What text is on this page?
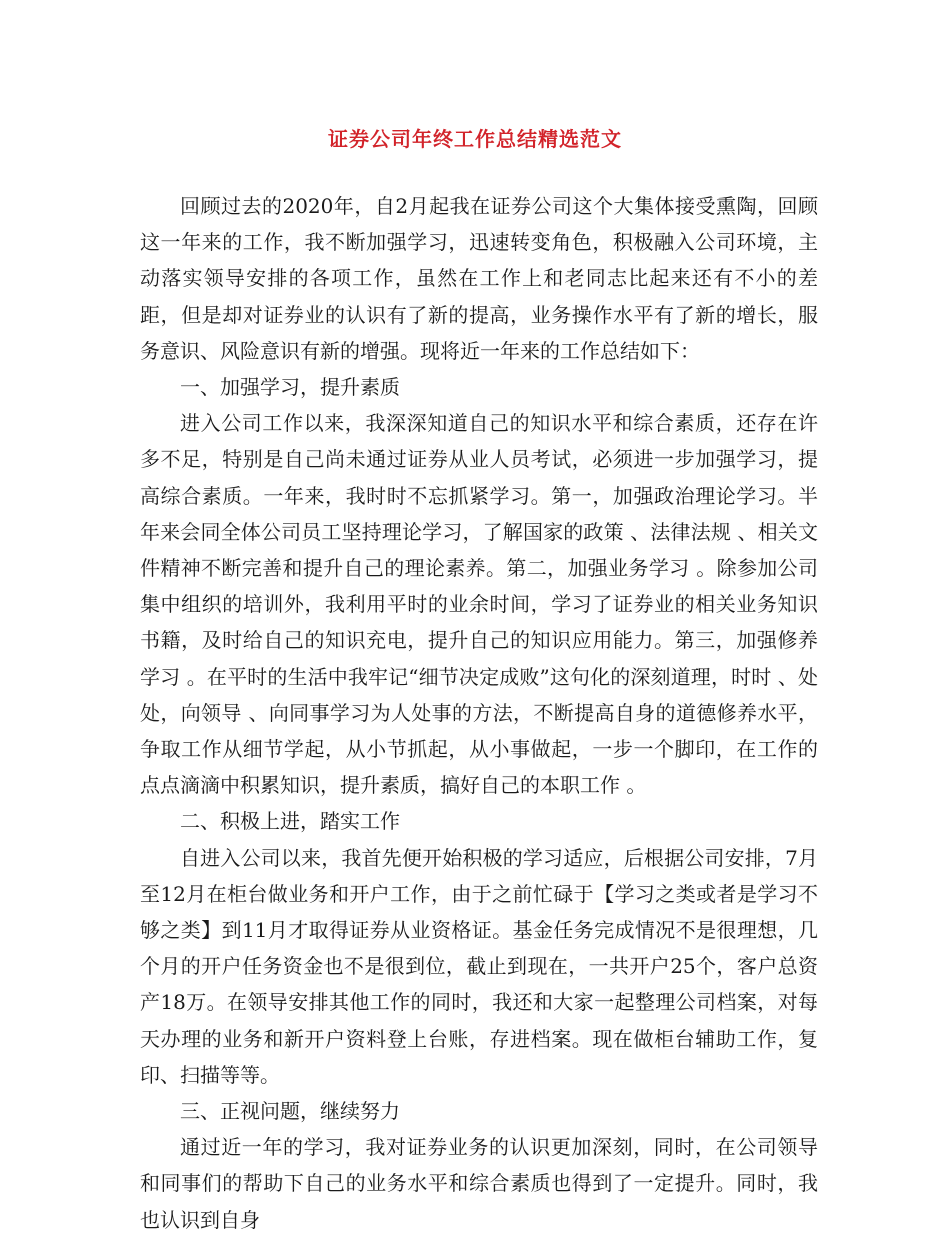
证券公司年终工作总结精选范文

回顾过去的2020年，自2月起我在证券公司这个大集体接受熏陶，回顾这一年来的工作，我不断加强学习，迅速转变角色，积极融入公司环境，主动落实领导安排的各项工作，虽然在工作上和老同志比起来还有不小的差距，但是却对证券业的认识有了新的提高，业务操作水平有了新的增长，服务意识、风险意识有新的增强。现将近一年来的工作总结如下：

一、加强学习，提升素质

进入公司工作以来，我深深知道自己的知识水平和综合素质，还存在许多不足，特别是自己尚未通过证券从业人员考试，必须进一步加强学习，提高综合素质。一年来，我时时不忘抓紧学习。第一，加强政治理论学习。半年来会同全体公司员工坚持理论学习，了解国家的政策 、法律法规 、相关文件精神不断完善和提升自己的理论素养。第二，加强业务学习 。除参加公司集中组织的培训外，我利用平时的业余时间，学习了证券业的相关业务知识书籍，及时给自己的知识充电，提升自己的知识应用能力。第三，加强修养学习 。在平时的生活中我牢记“细节决定成败”这句化的深刻道理，时时 、处处，向领导 、向同事学习为人处事的方法，不断提高自身的道德修养水平，争取工作从细节学起，从小节抓起，从小事做起，一步一个脚印，在工作的点点滴滴中积累知识，提升素质，搞好自己的本职工作 。

二、积极上进，踏实工作

自进入公司以来，我首先便开始积极的学习适应，后根据公司安排，7月至12月在柜台做业务和开户工作，由于之前忙碌于【学习之类或者是学习不够之类】到11月才取得证券从业资格证。基金任务完成情况不是很理想，几个月的开户任务资金也不是很到位，截止到现在，一共开户25个，客户总资产18万。在领导安排其他工作的同时，我还和大家一起整理公司档案，对每天办理的业务和新开户资料登上台账，存进档案。现在做柜台辅助工作，复印、扫描等等。

三、正视问题，继续努力

通过近一年的学习，我对证券业务的认识更加深刻，同时，在公司领导和同事们的帮助下自己的业务水平和综合素质也得到了一定提升。同时，我也认识到自身
